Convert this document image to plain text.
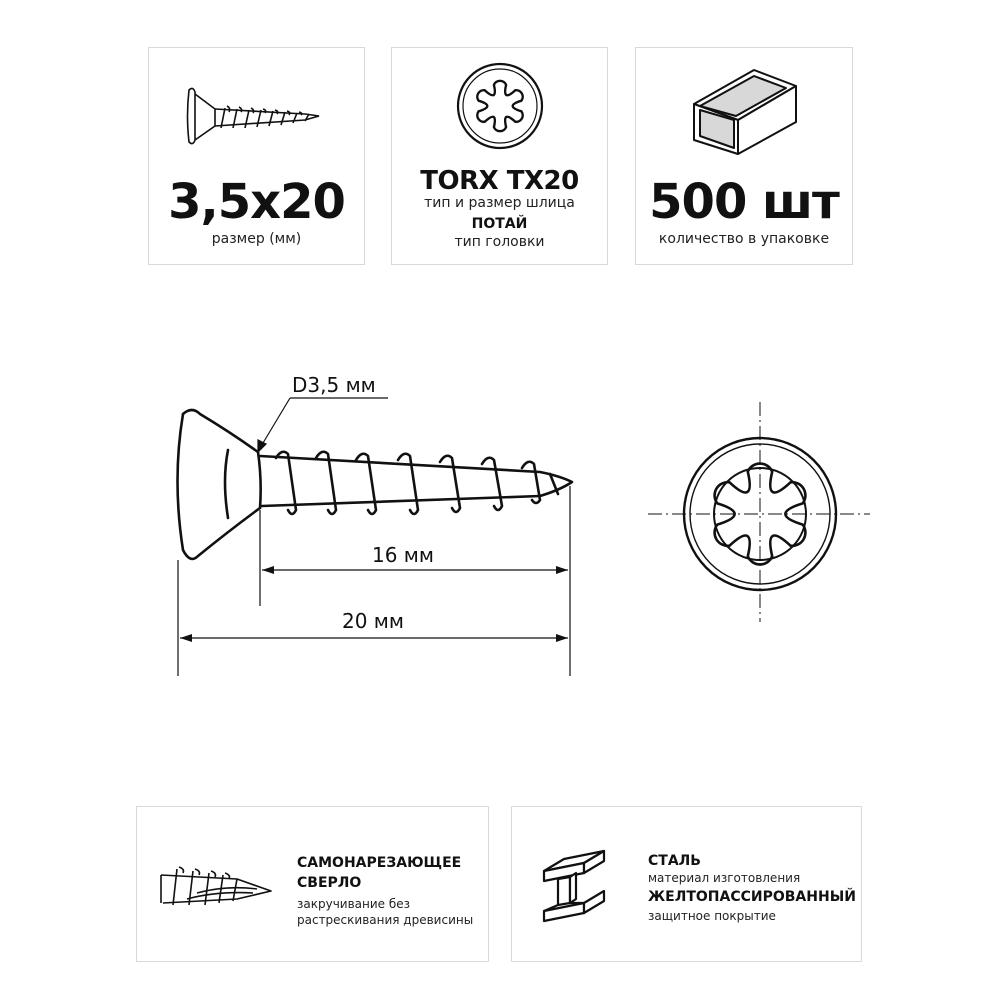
3,5x20
размер (мм)
TORX TX20
тип и размер шлица
ПОТАЙ
тип головки
500 шт
количество в упаковке
D3,5 мм
16 мм
20 мм
САМОНАРЕЗАЮЩЕЕ
СВЕРЛО
закручивание без
растрескивания древисины
СТАЛЬ
материал изготовления
ЖЕЛТОПАССИРОВАННЫЙ
защитное покрытие
